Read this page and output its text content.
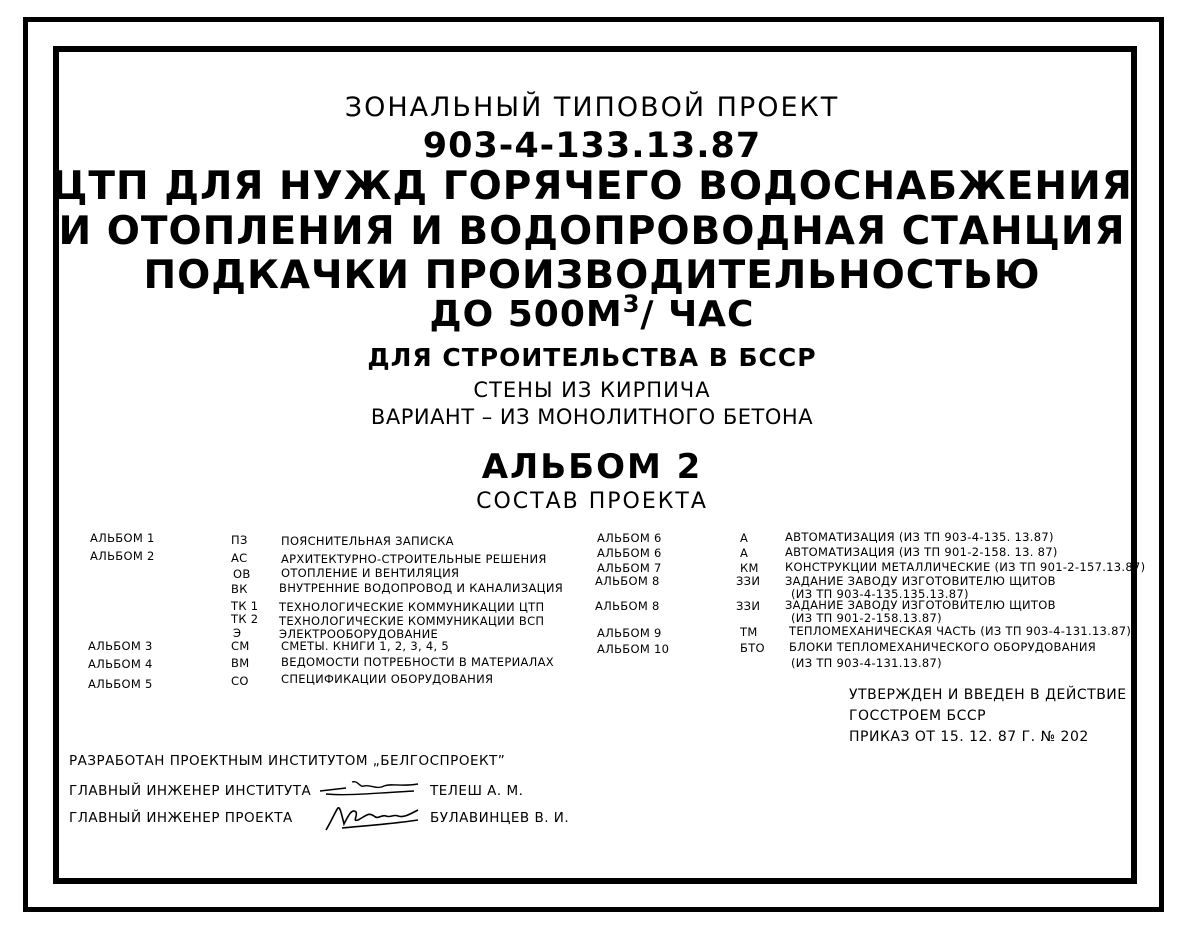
ЗОНАЛЬНЫЙ ТИПОВОЙ ПРОЕКТ
903-4-133.13.87
ЦТП ДЛЯ НУЖД ГОРЯЧЕГО ВОДОСНАБЖЕНИЯ
И ОТОПЛЕНИЯ И ВОДОПРОВОДНАЯ СТАНЦИЯ
ПОДКАЧКИ ПРОИЗВОДИТЕЛЬНОСТЬЮ
ДО $500М^3/$ ЧАС
ДЛЯ СТРОИТЕЛЬСТВА В БССР
СТЕНЫ ИЗ КИРПИЧА
ВАРИАНТ – ИЗ МОНОЛИТНОГО БЕТОНА
АЛЬБОМ 2
СОСТАВ ПРОЕКТА
АЛЬБОМ 1	ПЗ	ПОЯСНИТЕЛЬНАЯ ЗАПИСКА
АЛЬБОМ 2	АС	АРХИТЕКТУРНО-СТРОИТЕЛЬНЫЕ РЕШЕНИЯ
ОВ	ОТОПЛЕНИЕ И ВЕНТИЛЯЦИЯ
ВК	ВНУТРЕННИЕ ВОДОПРОВОД И КАНАЛИЗАЦИЯ
ТК 1 ТЕХНОЛОГИЧЕСКИЕ КОММУНИКАЦИИ ЦТП
ТК 2 ТЕХНОЛОГИЧЕСКИЕ КОММУНИКАЦИИ ВСП
Э	ЭЛЕКТРООБОРУДОВАНИЕ
АЛЬБОМ 3	СМ	СМЕТЫ. КНИГИ 1, 2, 3, 4, 5
АЛЬБОМ 4	ВМ	ВЕДОМОСТИ ПОТРЕБНОСТИ В МАТЕРИАЛАХ
АЛЬБОМ 5	СО	СПЕЦИФИКАЦИИ ОБОРУДОВАНИЯ
АЛЬБОМ 6	А	АВТОМАТИЗАЦИЯ (ИЗ ТП 903-4-135. 13.87)
АЛЬБОМ 6	А	АВТОМАТИЗАЦИЯ (ИЗ ТП 901-2-158. 13. 87)
АЛЬБОМ 7	КМ КОНСТРУКЦИИ МЕТАЛЛИЧЕСКИЕ (ИЗ ТП 901-2-157.13.87)
АЛЬБОМ 8	ЗЗИ ЗАДАНИЕ ЗАВОДУ ИЗГОТОВИТЕЛЮ ЩИТОВ
(ИЗ ТП 903-4-135.135.13.87)
АЛЬБОМ 8	ЗЗИ ЗАДАНИЕ ЗАВОДУ ИЗГОТОВИТЕЛЮ ЩИТОВ
(ИЗ ТП 901-2-158.13.87)
АЛЬБОМ 9	ТМ	ТЕПЛОМЕХАНИЧЕСКАЯ ЧАСТЬ (ИЗ ТП 903-4-131.13.87)
АЛЬБОМ 10	БТО БЛОКИ ТЕПЛОМЕХАНИЧЕСКОГО ОБОРУДОВАНИЯ
(ИЗ ТП 903-4-131.13.87)
УТВЕРЖДЕН И ВВЕДЕН В ДЕЙСТВИЕ
ГОССТРОЕМ БССР
ПРИКАЗ ОТ 15. 12. 87 Г. № 202
РАЗРАБОТАН ПРОЕКТНЫМ ИНСТИТУТОМ „БЕЛГОСПРОЕКТ”
ГЛАВНЫЙ ИНЖЕНЕР ИНСТИТУТА	ТЕЛЕШ А. М.
ГЛАВНЫЙ ИНЖЕНЕР ПРОЕКТА	БУЛАВИНЦЕВ В. И.
